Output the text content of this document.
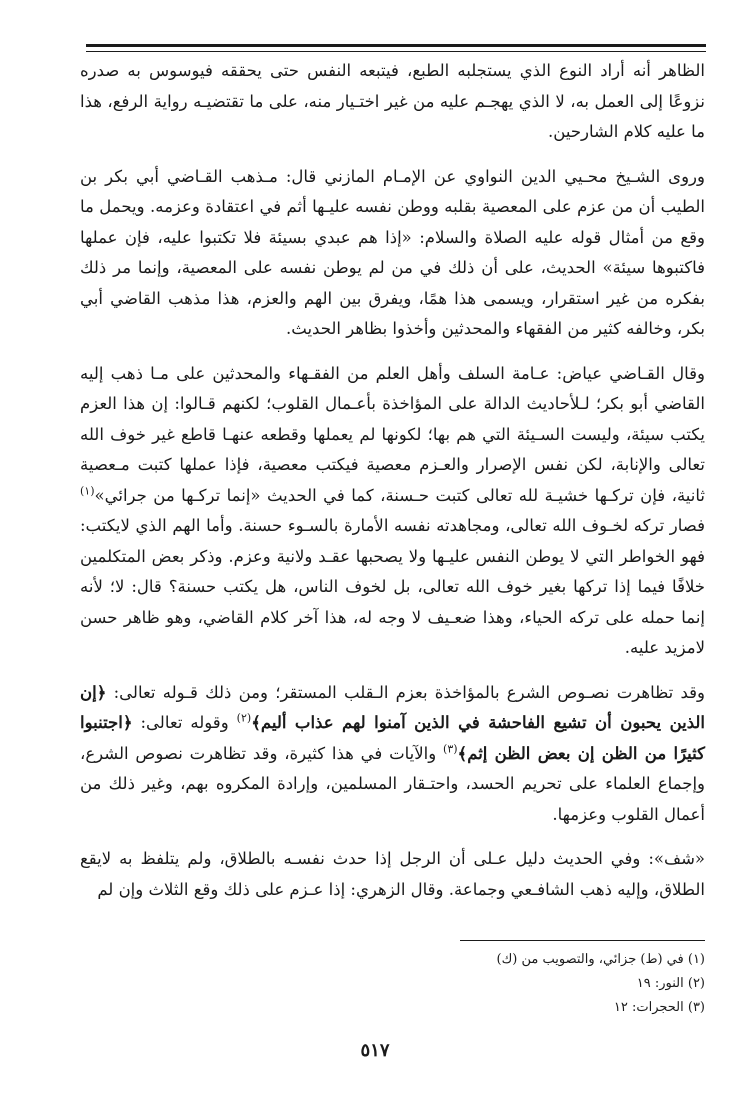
الظاهر أنه أراد النوع الذي يستجلبه الطبع، فيتبعه النفس حتى يحققه فيوسوس به صدره نزوعًا إلى العمل به، لا الذي يهجـم عليه من غير اختـيار منه، على ما تقتضيـه رواية الرفع، هذا ما عليه كلام الشارحين.

وروى الشـيخ محـيي الدين النواوي عن الإمـام المازني قال: مـذهب القـاضي أبي بكر بن الطيب أن من عزم على المعصية بقلبه ووطن نفسه عليـها أثم في اعتقادة وعزمه. ويحمل ما وقع من أمثال قوله عليه الصلاة والسلام: «إذا هم عبدي بسيئة فلا تكتبوا عليه، فإن عملها فاكتبوها سيئة» الحديث، على أن ذلك في من لم يوطن نفسه على المعصية، وإنما مر ذلك بفكره من غير استقرار، ويسمى هذا همًا، ويفرق بين الهم والعزم، هذا مذهب القاضي أبي بكر، وخالفه كثير من الفقهاء والمحدثين وأخذوا بظاهر الحديث.

وقال القـاضي عياض: عـامة السلف وأهل العلم من الفقـهاء والمحدثين على مـا ذهب إليه القاضي أبو بكر؛ لـلأحاديث الدالة على المؤاخذة بأعـمال القلوب؛ لكنهم قـالوا: إن هذا العزم يكتب سيئة، وليست السـيئة التي هم بها؛ لكونها لم يعملها وقطعه عنهـا قاطع غير خوف الله تعالى والإنابة، لكن نفس الإصرار والعـزم معصية فيكتب معصية، فإذا عملها كتبت مـعصية ثانية، فإن تركـها خشيـة لله تعالى كتبت حـسنة، كما في الحديث «إنما تركـها من جرائي»$^{(١)}$ فصار تركه لخـوف الله تعالى، ومجاهدته نفسه الأمارة بالسـوء حسنة. وأما الهم الذي لايكتب: فهو الخواطر التي لا يوطن النفس عليـها ولا يصحبها عقـد ولانية وعزم. وذكر بعض المتكلمين خلافًا فيما إذا تركها بغير خوف الله تعالى، بل لخوف الناس، هل يكتب حسنة؟ قال: لا؛ لأنه إنما حمله على تركه الحياء، وهذا ضعـيف لا وجه له، هذا آخر كلام القاضي، وهو ظاهر حسن لامزيد عليه.

وقد تظاهرت نصـوص الشرع بالمؤاخذة بعزم الـقلب المستقر؛ ومن ذلك قـوله تعالى: ﴿إن الذين يحبون أن تشيع الفاحشة في الذين آمنوا لهم عذاب أليم﴾$^{(٢)}$ وقوله تعالى: ﴿اجتنبوا كثيرًا من الظن إن بعض الظن إثم﴾$^{(٣)}$ والآيات في هذا كثيرة، وقد تظاهرت نصوص الشرع، وإجماع العلماء على تحريم الحسد، واحتـقار المسلمين، وإرادة المكروه بهم، وغير ذلك من أعمال القلوب وعزمها.

«شف»: وفي الحديث دليل عـلى أن الرجل إذا حدث نفسـه بالطلاق، ولم يتلفظ به لايقع الطلاق، وإليه ذهب الشافـعي وجماعة. وقال الزهري: إذا عـزم على ذلك وقع الثلاث وإن لم

(١) في (ط) جزائي، والتصويب من (ك)

(٢) النور: ١٩

(٣) الحجرات: ١٢

٥١٧
